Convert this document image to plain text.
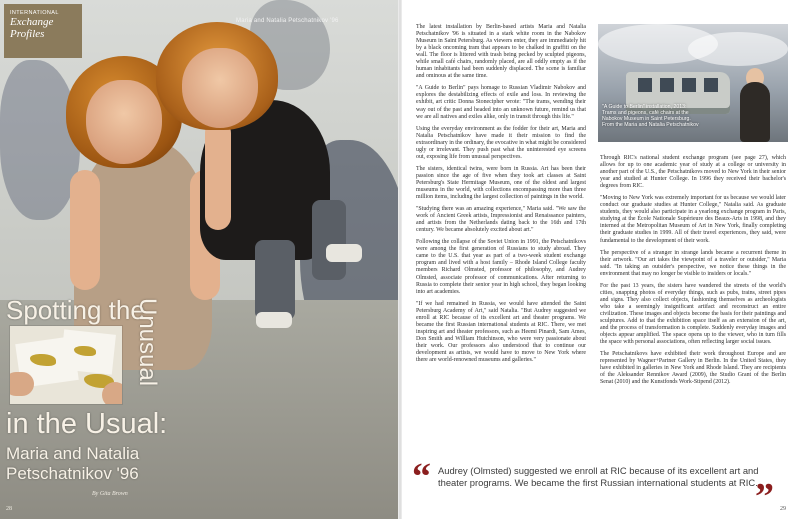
Maria and Natalia Petschatnikov '96
INTERNATIONAL
Exchange
Profiles
Spotting the
Unusual
in the Usual:
Maria and Natalia
Petschatnikov '96
By Gita Brown
28

The latest installation by Berlin-based artists Maria and Natalia Petschatnikov '96 is situated in a stark white room in the Nabokov Museum in Saint Petersburg. As viewers enter, they are immediately hit by a black oncoming tram that appears to be chalked in graffiti on the wall. The floor is littered with trash being pecked by sculpted pigeons, while small café chairs, randomly placed, are all oddly empty as if the human inhabitants had been suddenly displaced. The scene is familiar and ominous at the same time.

"A Guide to Berlin" pays homage to Russian Vladimir Nabokov and explores the destabilizing effects of exile and loss. In reviewing the exhibit, art critic Donna Stonecipher wrote: "The trams, wending their way out of the past and headed into an unknown future, remind us that we are all natives and exiles alike, only in transit through this life."

Using the everyday environment as the fodder for their art, Maria and Natalia Petschatnikov have made it their mission to find the extraordinary in the ordinary, the evocative in what might be considered ugly or irrelevant. They push past what the uninterested eye screens out, exposing life from unusual perspectives.

The sisters, identical twins, were born in Russia. Art has been their passion since the age of five when they took art classes at Saint Petersburg's State Hermitage Museum, one of the oldest and largest museums in the world, with collections encompassing more than three million items, including the largest collection of paintings in the world.

"Studying there was an amazing experience," Maria said. "We saw the work of Ancient Greek artists, Impressionist and Renaissance painters, and artists from the Netherlands dating back to the 16th and 17th century. We became absolutely excited about art."

Following the collapse of the Soviet Union in 1991, the Petschatnikovs were among the first generation of Russians to study abroad. They came to the U.S. that year as part of a two-week student exchange program and lived with a host family – Rhode Island College faculty members Richard Olmsted, professor of philosophy, and Audrey Olmsted, associate professor of communications. After returning to Russia to complete their senior year in high school, they began looking into art academies.

"If we had remained in Russia, we would have attended the Saint Petersburg Academy of Art," said Natalia. "But Audrey suggested we enroll at RIC because of its excellent art and theater programs. We became the first Russian international students at RIC. There, we met inspiring art and theater professors, such as Heemi Pinardi, Sam Ames, Don Smith and William Hutchinson, who were very passionate about their work. Our professors also understood that to continue our development as artists, we would have to move to New York where there are world-renowned museums and galleries."

"A Guide to Berlin" installation, 2013: Trams and pigeons, café chairs at the Nabokov Museum in Saint Petersburg. From the Maria and Natalia Petschatnikov

Through RIC's national student exchange program (see page 27), which allows for up to one academic year of study at a college or university in another part of the U.S., the Petschatnikovs moved to New York in their senior year and studied at Hunter College. In 1996 they received their bachelor's degrees from RIC.

"Moving to New York was extremely important for us because we would later conduct our graduate studies at Hunter College," Natalia said. As graduate students, they would also participate in a yearlong exchange program in Paris, studying at the École Nationale Supérieure des Beaux-Arts in 1998, and they interned at the Metropolitan Museum of Art in New York, finally completing their graduate studies in 1999. All of their travel experiences, they said, were fundamental to the development of their work.

The perspective of a stranger in strange lands became a recurrent theme in their artwork. "Our art takes the viewpoint of a traveler or outsider," Maria said. "In taking an outsider's perspective, we notice these things in the environment that may no longer be visible to insiders or locals."

For the past 13 years, the sisters have wandered the streets of the world's cities, snapping photos of everyday things, such as pubs, trains, street pipes and signs. They also collect objects, fashioning themselves as archeologists who take a seemingly insignificant artifact and reconstruct an entire civilization. These images and objects become the basis for their paintings and sculptures. Add to that the exhibition space itself as an extension of the art, and the process of transformation is complete. Suddenly everyday images and objects appear amplified. The space opens up to the viewer, who in turn fills the space with personal associations, often reflecting larger social issues.

The Petschatnikovs have exhibited their work throughout Europe and are represented by Wagner+Partner Gallery in Berlin. In the United States, they have exhibited in galleries in New York and Rhode Island. They are recipients of the Aleksander Rennikov Award (2009), the Studio Grant of the Berlin Senat (2010) and the Kunstfonds Work-Stipend (2012).

“ Audrey (Olmsted) suggested we enroll at RIC because of its excellent art and theater programs. We became the first Russian international students at RIC.
” 29
